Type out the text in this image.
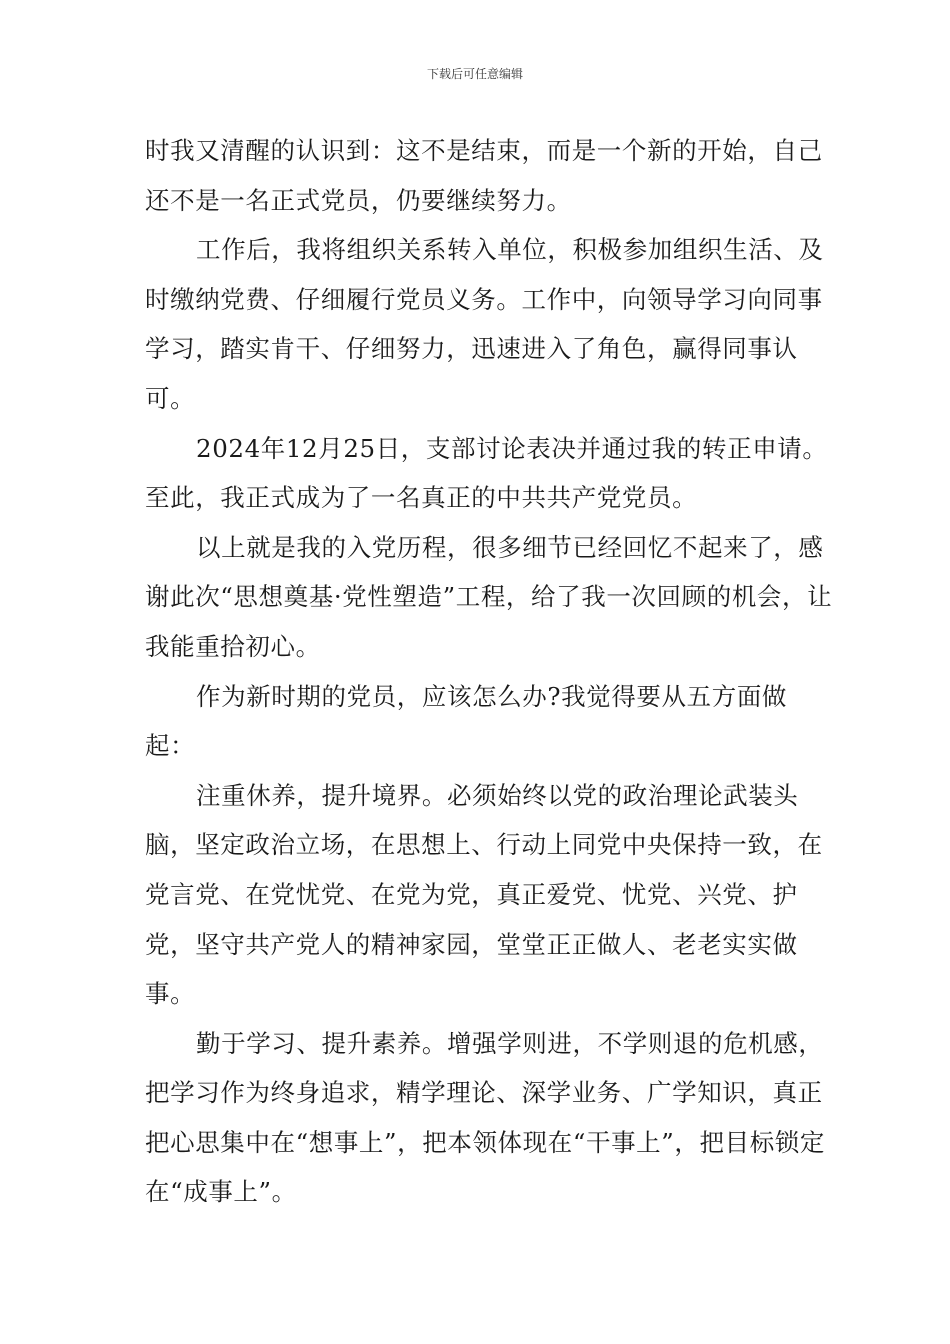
下载后可任意编辑

时我又清醒的认识到：这不是结束，而是一个新的开始，自己还不是一名正式党员，仍要继续努力。

工作后，我将组织关系转入单位，积极参加组织生活、及时缴纳党费、仔细履行党员义务。工作中，向领导学习向同事学习，踏实肯干、仔细努力，迅速进入了角色，赢得同事认可。

2024年12月25日，支部讨论表决并通过我的转正申请。至此，我正式成为了一名真正的中共共产党党员。

以上就是我的入党历程，很多细节已经回忆不起来了，感谢此次“思想奠基·党性塑造”工程，给了我一次回顾的机会，让我能重拾初心。

作为新时期的党员，应该怎么办?我觉得要从五方面做起：

注重休养，提升境界。必须始终以党的政治理论武装头脑，坚定政治立场，在思想上、行动上同党中央保持一致，在党言党、在党忧党、在党为党，真正爱党、忧党、兴党、护党，坚守共产党人的精神家园，堂堂正正做人、老老实实做事。

勤于学习、提升素养。增强学则进，不学则退的危机感，把学习作为终身追求，精学理论、深学业务、广学知识，真正把心思集中在“想事上”，把本领体现在“干事上”，把目标锁定在“成事上”。
